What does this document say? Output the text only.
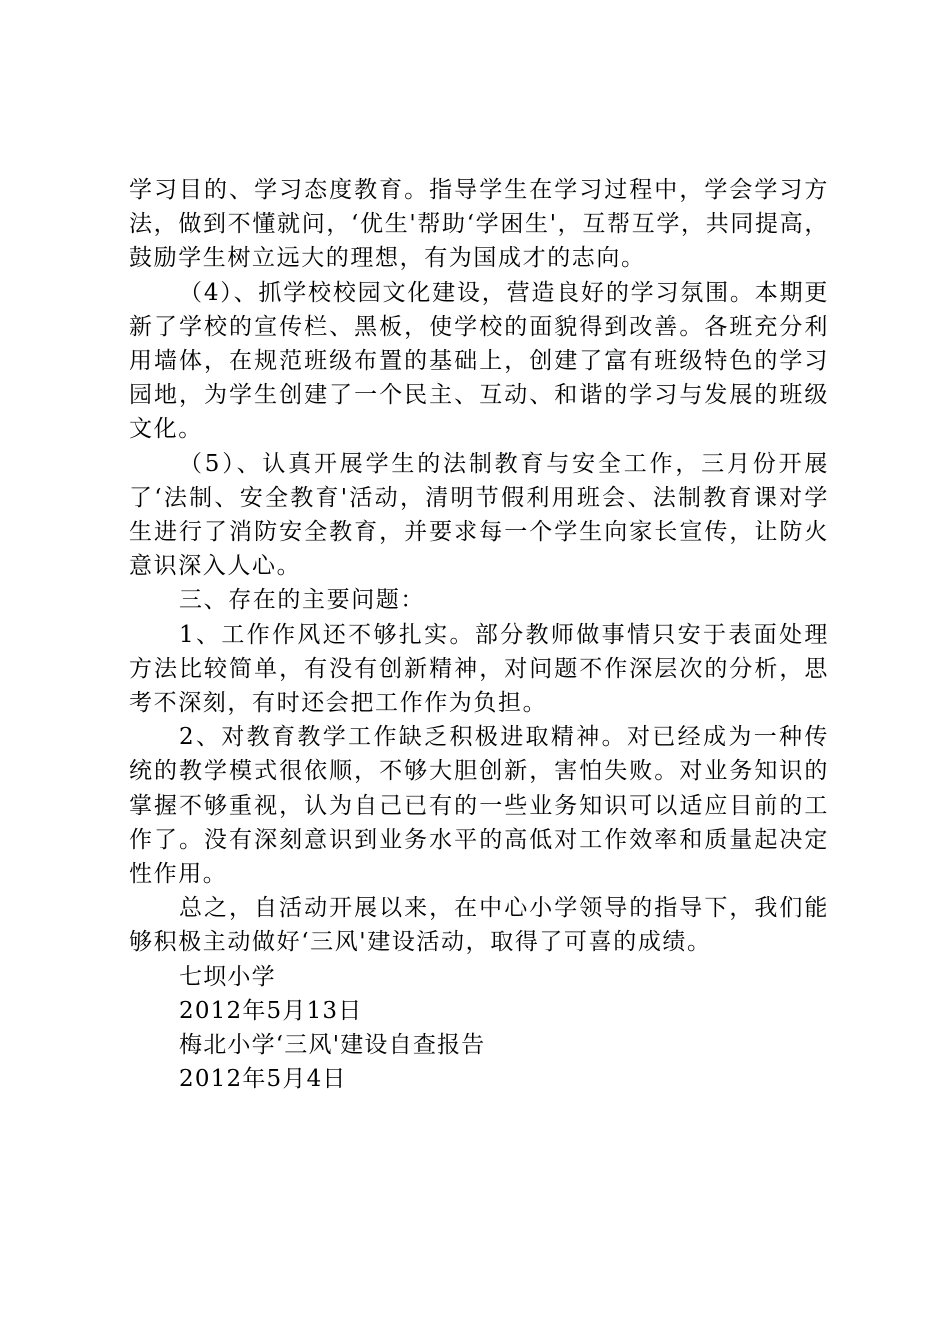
学习目的、学习态度教育。指导学生在学习过程中，学会学习方法，做到不懂就问，‘优生'帮助‘学困生'，互帮互学，共同提高，鼓励学生树立远大的理想，有为国成才的志向。

（4）、抓学校校园文化建设，营造良好的学习氛围。本期更新了学校的宣传栏、黑板，使学校的面貌得到改善。各班充分利用墙体，在规范班级布置的基础上，创建了富有班级特色的学习园地，为学生创建了一个民主、互动、和谐的学习与发展的班级文化。

（5）、认真开展学生的法制教育与安全工作，三月份开展了‘法制、安全教育'活动，清明节假利用班会、法制教育课对学生进行了消防安全教育，并要求每一个学生向家长宣传，让防火意识深入人心。

三、存在的主要问题：

1、工作作风还不够扎实。部分教师做事情只安于表面处理方法比较简单，有没有创新精神，对问题不作深层次的分析，思考不深刻，有时还会把工作作为负担。

2、对教育教学工作缺乏积极进取精神。对已经成为一种传统的教学模式很依顺，不够大胆创新，害怕失败。对业务知识的掌握不够重视，认为自己已有的一些业务知识可以适应目前的工作了。没有深刻意识到业务水平的高低对工作效率和质量起决定性作用。

总之，自活动开展以来，在中心小学领导的指导下，我们能够积极主动做好‘三风'建设活动，取得了可喜的成绩。

七坝小学

2012年5月13日

梅北小学‘三风'建设自查报告

2012年5月4日
